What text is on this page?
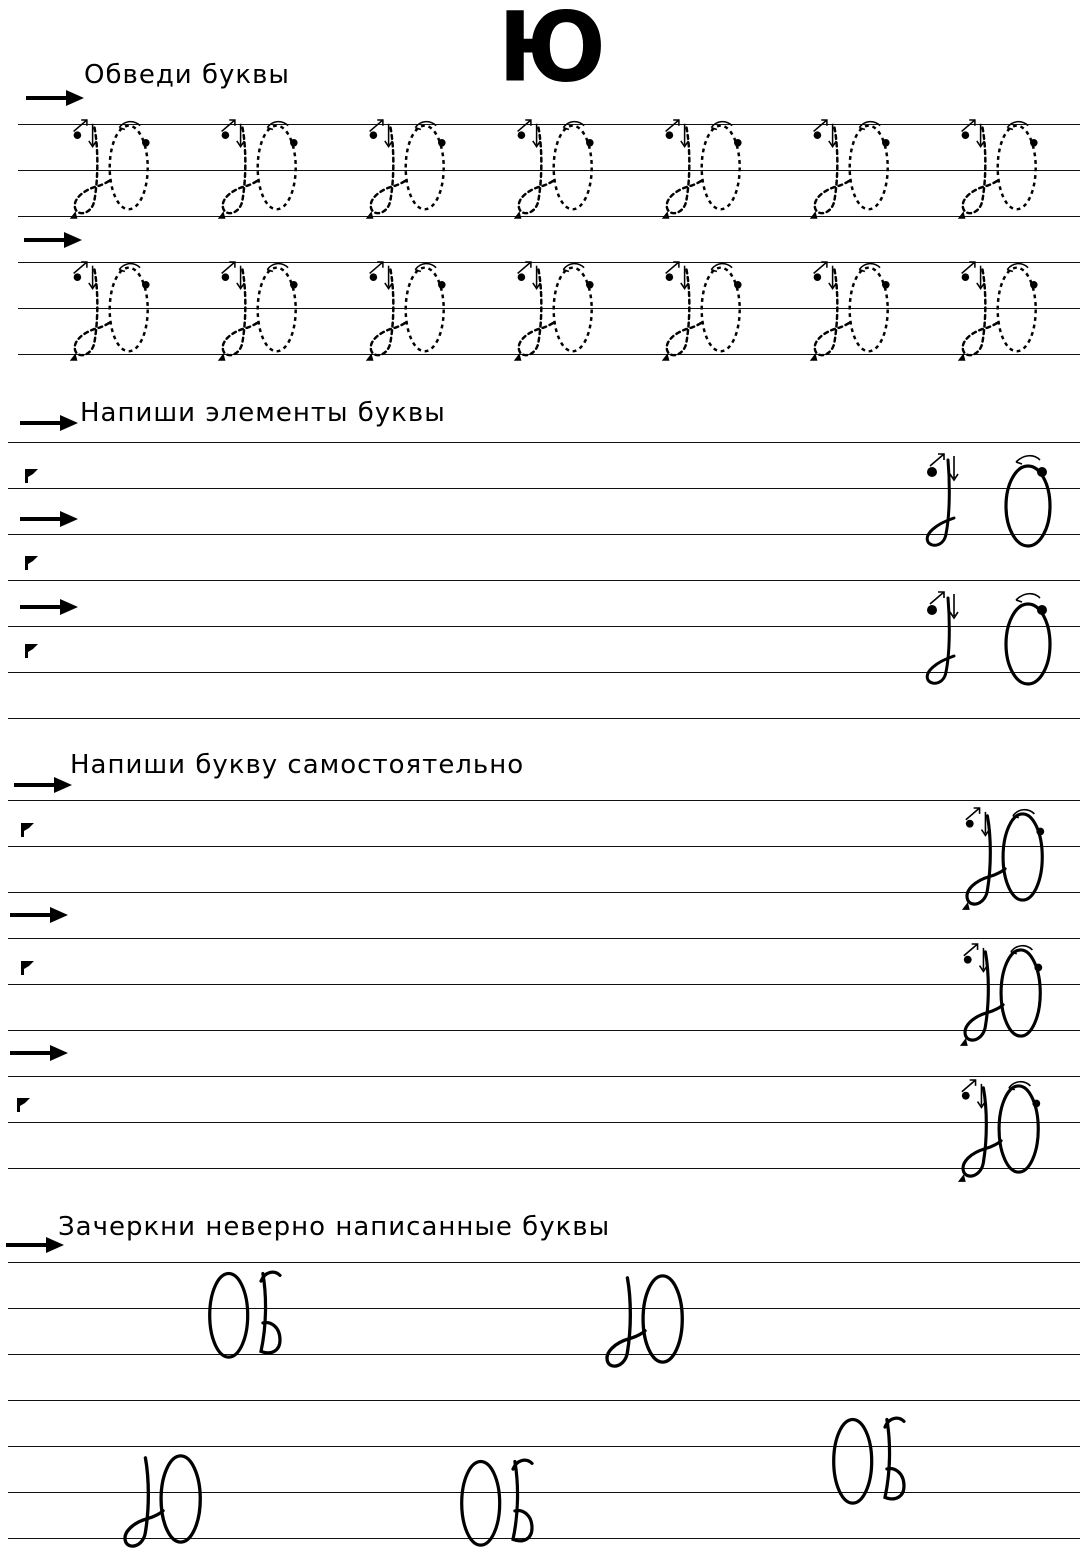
Ю
Обведи буквы
Напиши элементы буквы
Напиши букву самостоятельно
Зачеркни неверно написанные буквы
